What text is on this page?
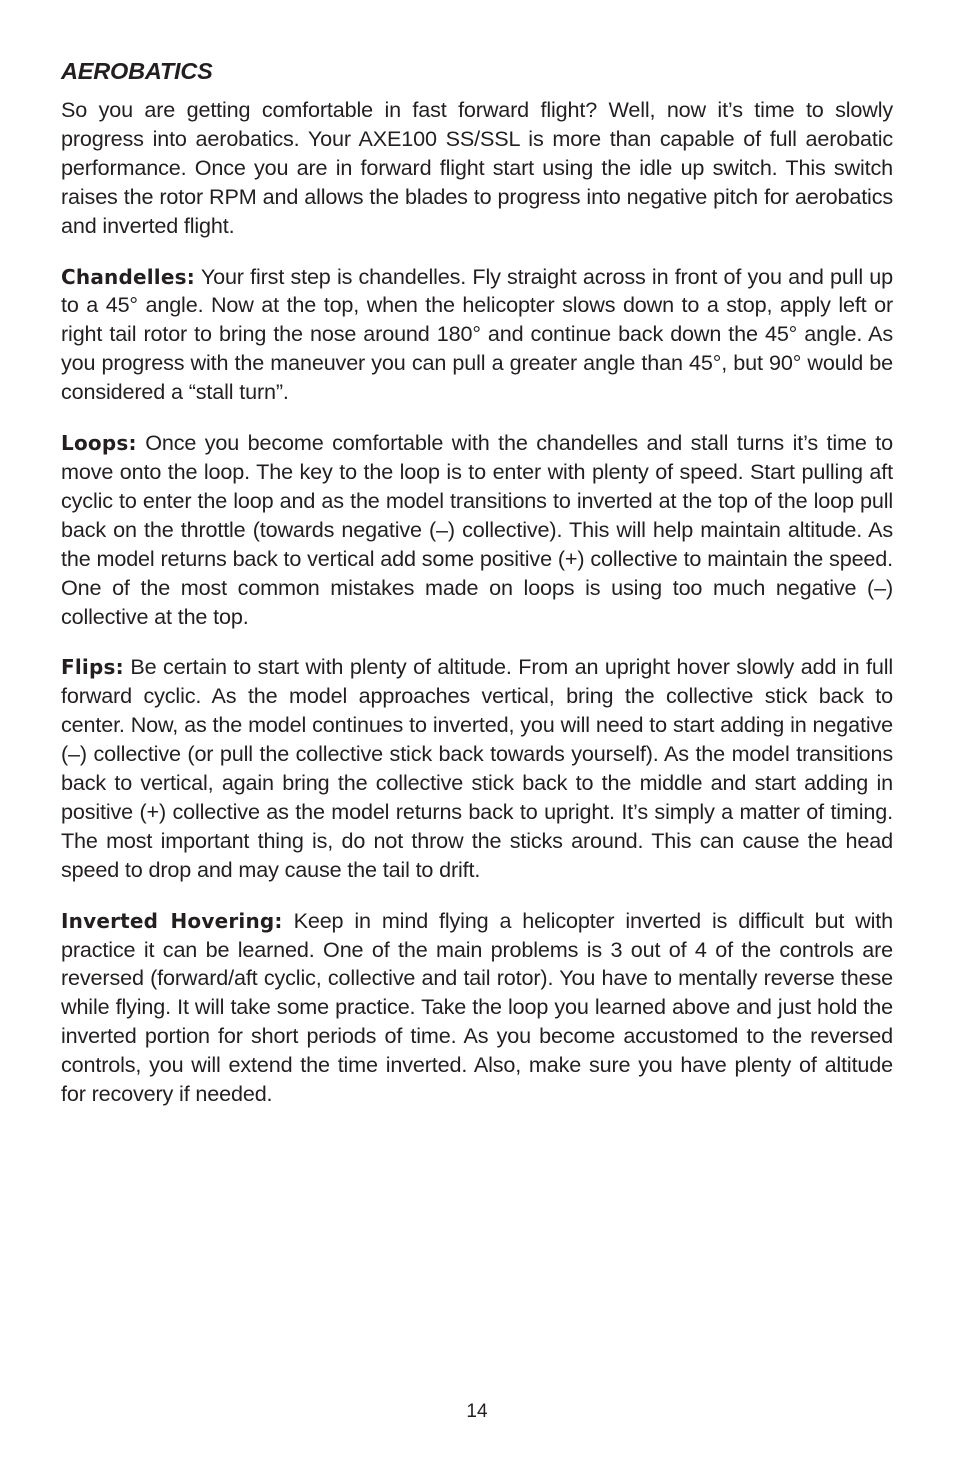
AEROBATICS

So you are getting comfortable in fast forward flight? Well, now it’s time to slowly progress into aerobatics. Your AXE100 SS/SSL is more than capable of full aerobatic performance. Once you are in forward flight start using the idle up switch. This switch raises the rotor RPM and allows the blades to progress into negative pitch for aerobatics and inverted flight.

Chandelles: Your first step is chandelles. Fly straight across in front of you and pull up to a 45° angle. Now at the top, when the helicopter slows down to a stop, apply left or right tail rotor to bring the nose around 180° and continue back down the 45° angle. As you progress with the maneuver you can pull a greater angle than 45°, but 90° would be considered a “stall turn”.

Loops: Once you become comfortable with the chandelles and stall turns it’s time to move onto the loop. The key to the loop is to enter with plenty of speed. Start pulling aft cyclic to enter the loop and as the model transitions to inverted at the top of the loop pull back on the throttle (towards negative (–) collective). This will help maintain altitude. As the model returns back to vertical add some positive (+) collective to maintain the speed. One of the most common mistakes made on loops is using too much negative (–) collective at the top.

Flips: Be certain to start with plenty of altitude. From an upright hover slowly add in full forward cyclic. As the model approaches vertical, bring the collective stick back to center. Now, as the model continues to inverted, you will need to start adding in negative (–) collective (or pull the collective stick back towards yourself). As the model transitions back to vertical, again bring the collective stick back to the middle and start adding in positive (+) collective as the model returns back to upright. It’s simply a matter of timing. The most important thing is, do not throw the sticks around. This can cause the head speed to drop and may cause the tail to drift.

Inverted Hovering: Keep in mind flying a helicopter inverted is difficult but with practice it can be learned. One of the main problems is 3 out of 4 of the controls are reversed (forward/aft cyclic, collective and tail rotor). You have to mentally reverse these while flying. It will take some practice. Take the loop you learned above and just hold the inverted portion for short periods of time. As you become accustomed to the reversed controls, you will extend the time inverted. Also, make sure you have plenty of altitude for recovery if needed.

14
